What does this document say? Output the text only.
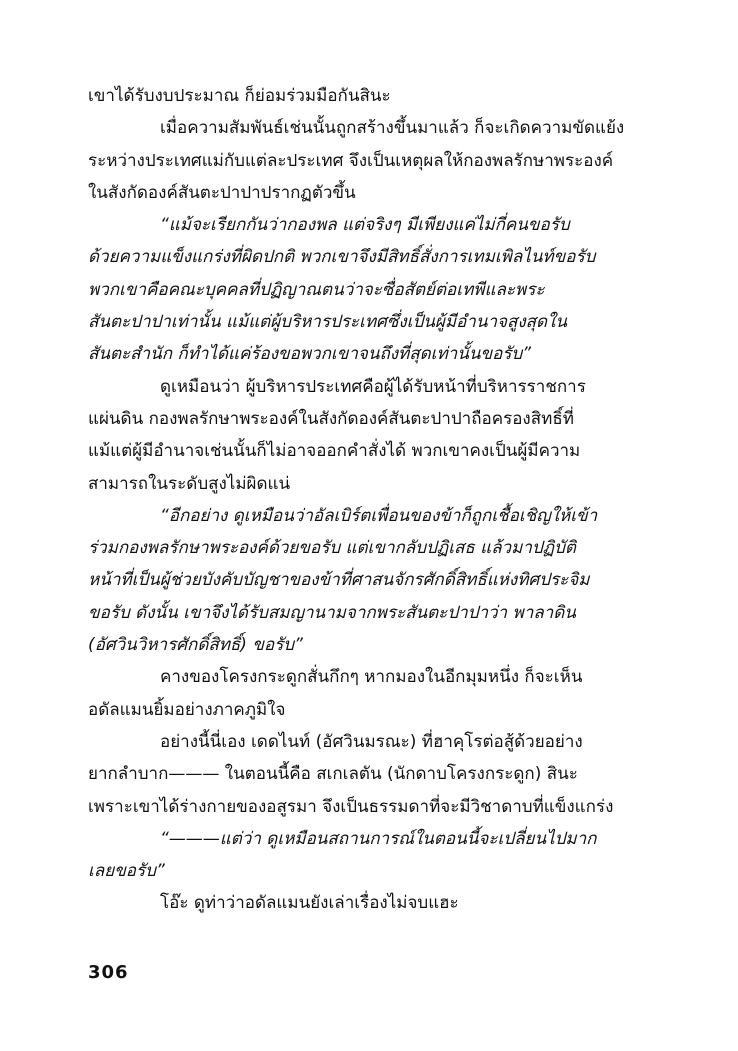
เขาได้รับงบประมาณ ก็ย่อมร่วมมือกันสินะ
เมื่อความสัมพันธ์เช่นนั้นถูกสร้างขึ้นมาแล้ว ก็จะเกิดความขัดแย้ง
ระหว่างประเทศแม่กับแต่ละประเทศ จึงเป็นเหตุผลให้กองพลรักษาพระองค์
ในสังกัดองค์สันตะปาปาปรากฏตัวขึ้น
“แม้จะเรียกกันว่ากองพล แต่จริงๆ มีเพียงแค่ไม่กี่คนขอรับ
ด้วยความแข็งแกร่งที่ผิดปกติ พวกเขาจึงมีสิทธิ์สั่งการเทมเพิลไนท์ขอรับ
พวกเขาคือคณะบุคคลที่ปฏิญาณตนว่าจะซื่อสัตย์ต่อเทพีและพระ
สันตะปาปาเท่านั้น แม้แต่ผู้บริหารประเทศซึ่งเป็นผู้มีอำนาจสูงสุดใน
สันตะสำนัก ก็ทำได้แค่ร้องขอพวกเขาจนถึงที่สุดเท่านั้นขอรับ”
ดูเหมือนว่า ผู้บริหารประเทศคือผู้ได้รับหน้าที่บริหารราชการ
แผ่นดิน กองพลรักษาพระองค์ในสังกัดองค์สันตะปาปาถือครองสิทธิ์ที่
แม้แต่ผู้มีอำนาจเช่นนั้นก็ไม่อาจออกคำสั่งได้ พวกเขาคงเป็นผู้มีความ
สามารถในระดับสูงไม่ผิดแน่
“อีกอย่าง ดูเหมือนว่าอัลเบิร์ตเพื่อนของข้าก็ถูกเชื้อเชิญให้เข้า
ร่วมกองพลรักษาพระองค์ด้วยขอรับ แต่เขากลับปฏิเสธ แล้วมาปฏิบัติ
หน้าที่เป็นผู้ช่วยบังคับบัญชาของข้าที่ศาสนจักรศักดิ์สิทธิ์แห่งทิศประจิม
ขอรับ ดังนั้น เขาจึงได้รับสมญานามจากพระสันตะปาปาว่า พาลาดิน
(อัศวินวิหารศักดิ์สิทธิ์) ขอรับ”
คางของโครงกระดูกสั่นกึกๆ หากมองในอีกมุมหนึ่ง ก็จะเห็น
อดัลแมนยิ้มอย่างภาคภูมิใจ
อย่างนี้นี่เอง เดดไนท์ (อัศวินมรณะ) ที่ฮาคุโรต่อสู้ด้วยอย่าง
ยากลำบาก——— ในตอนนี้คือ สเกเลตัน (นักดาบโครงกระดูก) สินะ
เพราะเขาได้ร่างกายของอสูรมา จึงเป็นธรรมดาที่จะมีวิชาดาบที่แข็งแกร่ง
“———แต่ว่า ดูเหมือนสถานการณ์ในตอนนี้จะเปลี่ยนไปมาก
เลยขอรับ”
โอ๊ะ ดูท่าว่าอดัลแมนยังเล่าเรื่องไม่จบแฮะ
306
